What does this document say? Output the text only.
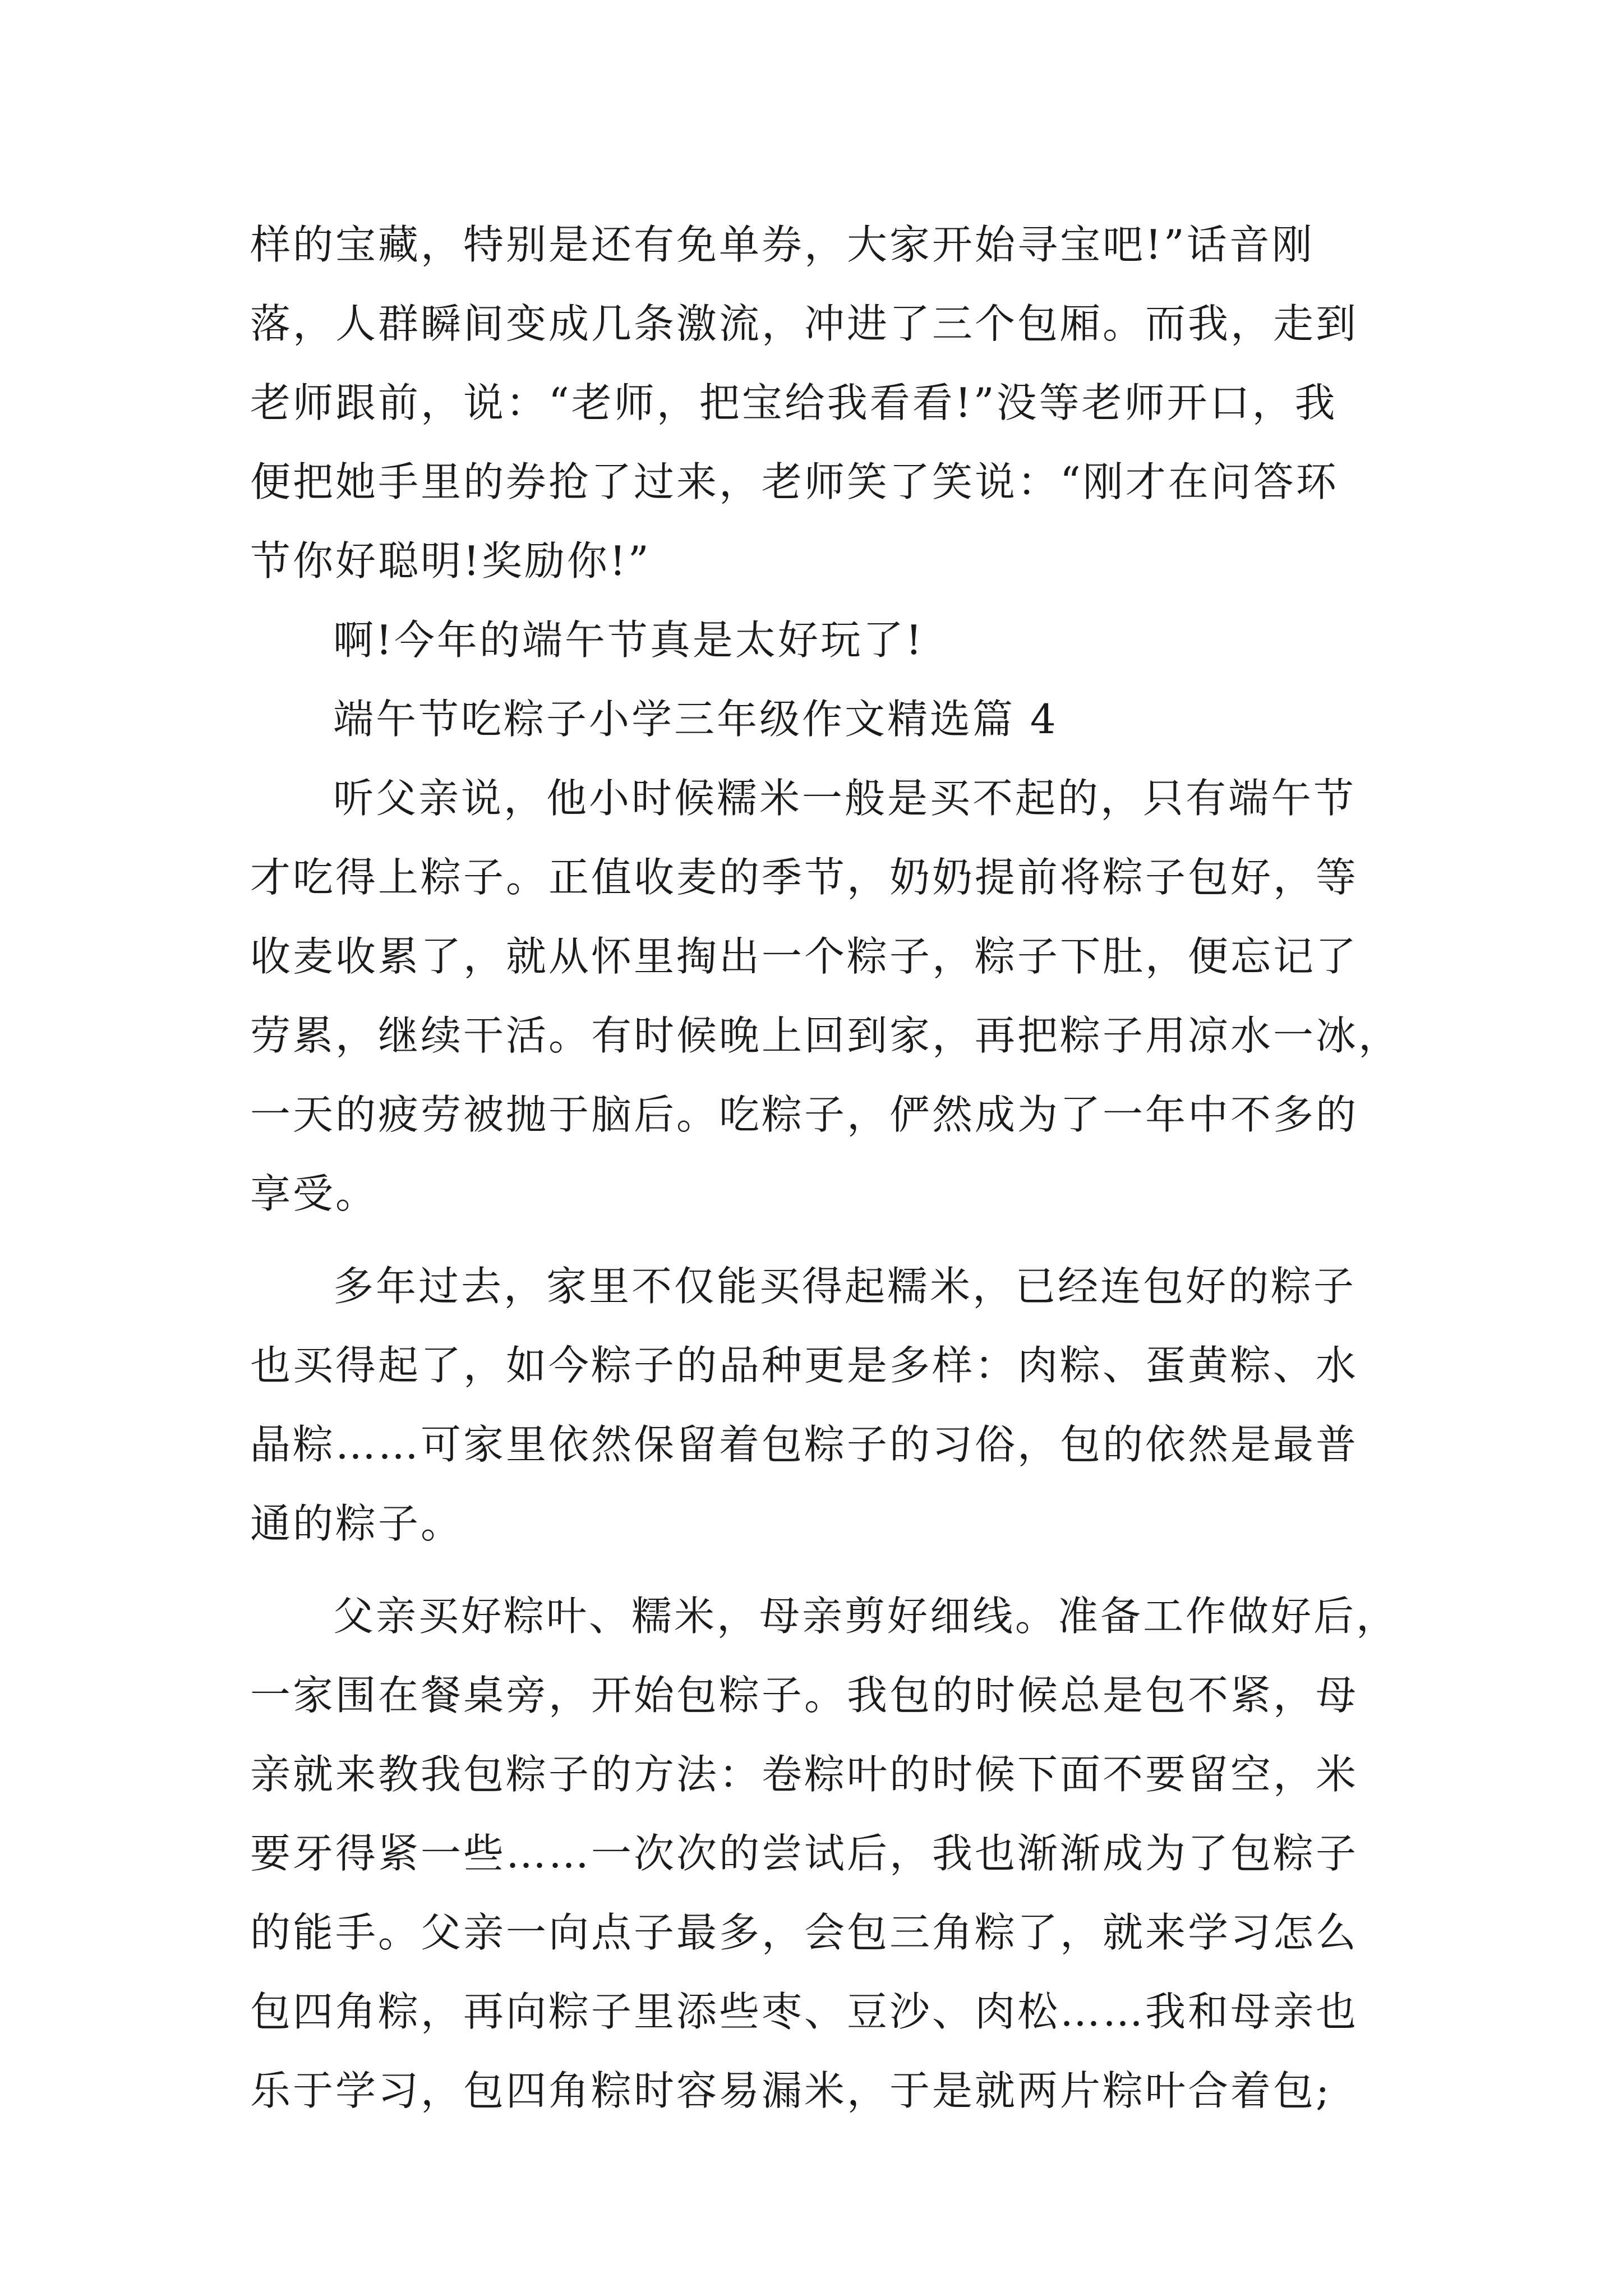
样的宝藏，特别是还有免单券，大家开始寻宝吧!”话音刚
落，人群瞬间变成几条激流，冲进了三个包厢。而我，走到
老师跟前，说：“老师，把宝给我看看!”没等老师开口，我
便把她手里的券抢了过来，老师笑了笑说：“刚才在问答环
节你好聪明!奖励你!”
啊!今年的端午节真是太好玩了!
端午节吃粽子小学三年级作文精选篇 4
听父亲说，他小时候糯米一般是买不起的，只有端午节
才吃得上粽子。正值收麦的季节，奶奶提前将粽子包好，等
收麦收累了，就从怀里掏出一个粽子，粽子下肚，便忘记了
劳累，继续干活。有时候晚上回到家，再把粽子用凉水一冰，
一天的疲劳被抛于脑后。吃粽子，俨然成为了一年中不多的
享受。
多年过去，家里不仅能买得起糯米，已经连包好的粽子
也买得起了，如今粽子的品种更是多样：肉粽、蛋黄粽、水
晶粽……可家里依然保留着包粽子的习俗，包的依然是最普
通的粽子。
父亲买好粽叶、糯米，母亲剪好细线。准备工作做好后，
一家围在餐桌旁，开始包粽子。我包的时候总是包不紧，母
亲就来教我包粽子的方法：卷粽叶的时候下面不要留空，米
要牙得紧一些……一次次的尝试后，我也渐渐成为了包粽子
的能手。父亲一向点子最多，会包三角粽了，就来学习怎么
包四角粽，再向粽子里添些枣、豆沙、肉松……我和母亲也
乐于学习，包四角粽时容易漏米，于是就两片粽叶合着包;
